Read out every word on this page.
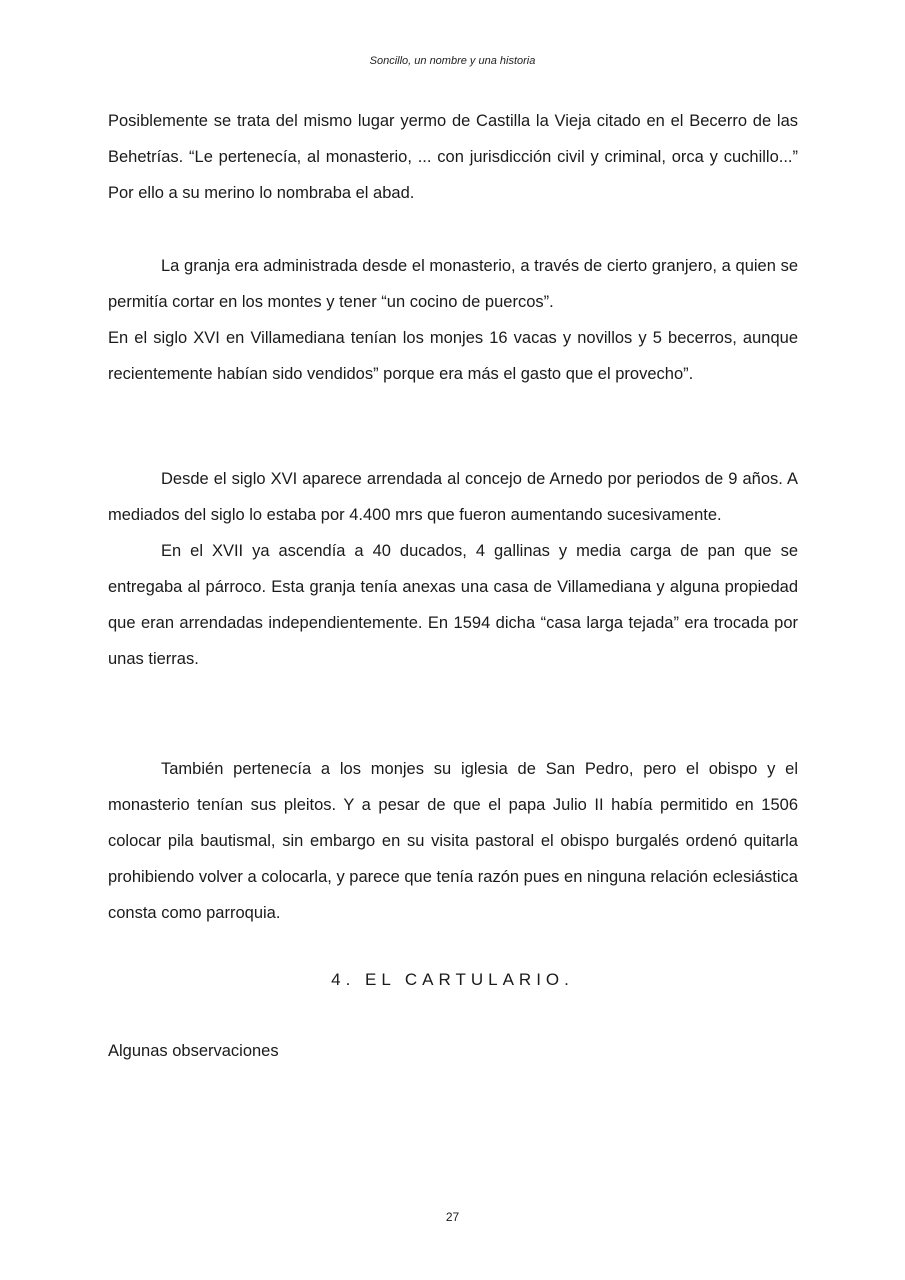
Soncillo, un nombre y una historia

Posiblemente se trata del mismo lugar yermo de Castilla la Vieja citado en el Becerro de las Behetrías. “Le pertenecía, al monasterio, ... con jurisdicción civil y criminal, orca y cuchillo...” Por ello a su merino lo nombraba el abad.

La granja era administrada desde el monasterio, a través de cierto granjero, a quien se permitía cortar en los montes y tener “un cocino de puercos”.

En el siglo XVI en Villamediana tenían los monjes 16 vacas y novillos y 5 becerros, aunque recientemente habían sido vendidos” porque era más el gasto que el provecho”.

Desde el siglo XVI aparece arrendada al concejo de Arnedo por periodos de 9 años. A mediados del siglo lo estaba por 4.400 mrs que fueron aumentando sucesivamente.

En el XVII ya ascendía a 40 ducados, 4 gallinas y media carga de pan que se entregaba al párroco. Esta granja tenía anexas una casa de Villamediana y alguna propiedad que eran arrendadas independientemente. En 1594 dicha “casa larga tejada” era trocada por unas tierras.

También pertenecía a los monjes su iglesia de San Pedro, pero el obispo y el monasterio tenían sus pleitos. Y a pesar de que el papa Julio II había permitido en 1506 colocar pila bautismal, sin embargo en su visita pastoral el obispo burgalés ordenó quitarla prohibiendo volver a colocarla, y parece que tenía razón pues en ninguna relación eclesiástica consta como parroquia.

4. EL CARTULARIO.
Algunas observaciones
27
